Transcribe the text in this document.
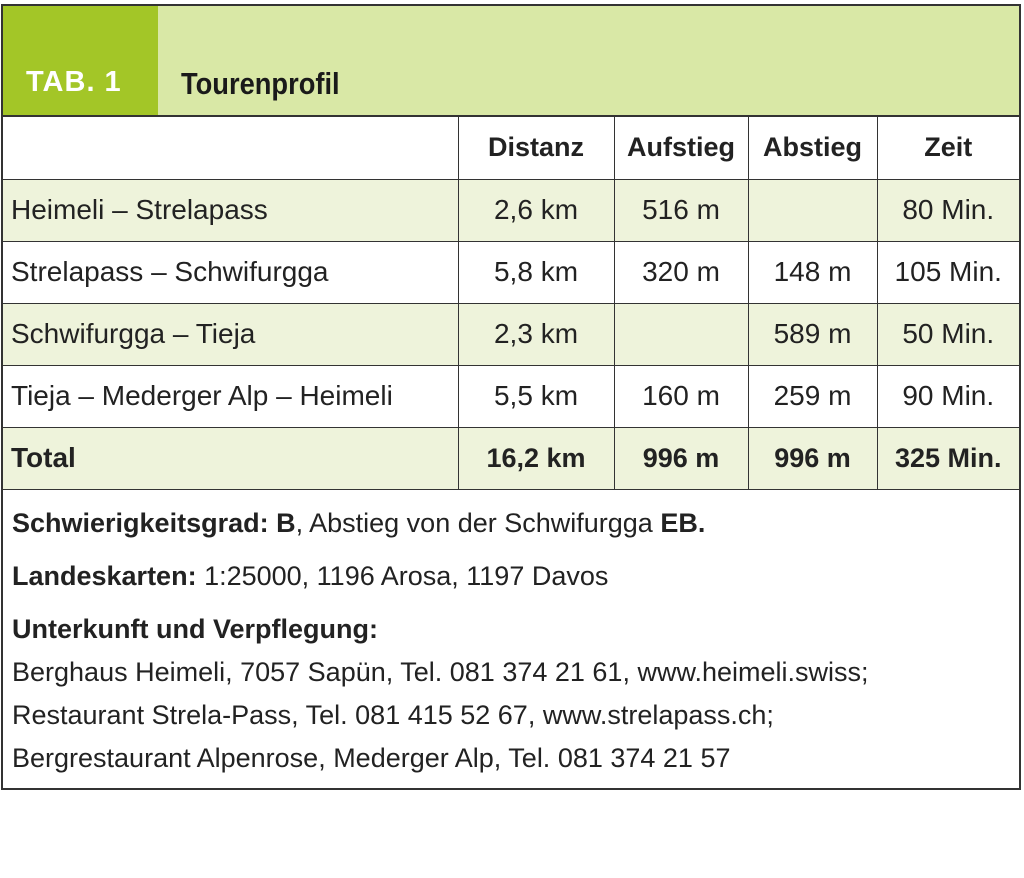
TAB. 1	Tourenprofil
	Distanz	Aufstieg	Abstieg	Zeit
Heimeli – Strelapass	2,6 km	516 m		80 Min.
Strelapass – Schwifurgga	5,8 km	320 m	148 m	105 Min.
Schwifurgga – Tieja	2,3 km		589 m	50 Min.
Tieja – Mederger Alp – Heimeli	5,5 km	160 m	259 m	90 Min.
Total	16,2 km	996 m	996 m	325 Min.
Schwierigkeitsgrad: B, Abstieg von der Schwifurgga EB.
Landeskarten: 1:25000, 1196 Arosa, 1197 Davos
Unterkunft und Verpflegung:
Berghaus Heimeli, 7057 Sapün, Tel. 081 374 21 61, www.heimeli.swiss;
Restaurant Strela-Pass, Tel. 081 415 52 67, www.strelapass.ch;
Bergrestaurant Alpenrose, Mederger Alp, Tel. 081 374 21 57
